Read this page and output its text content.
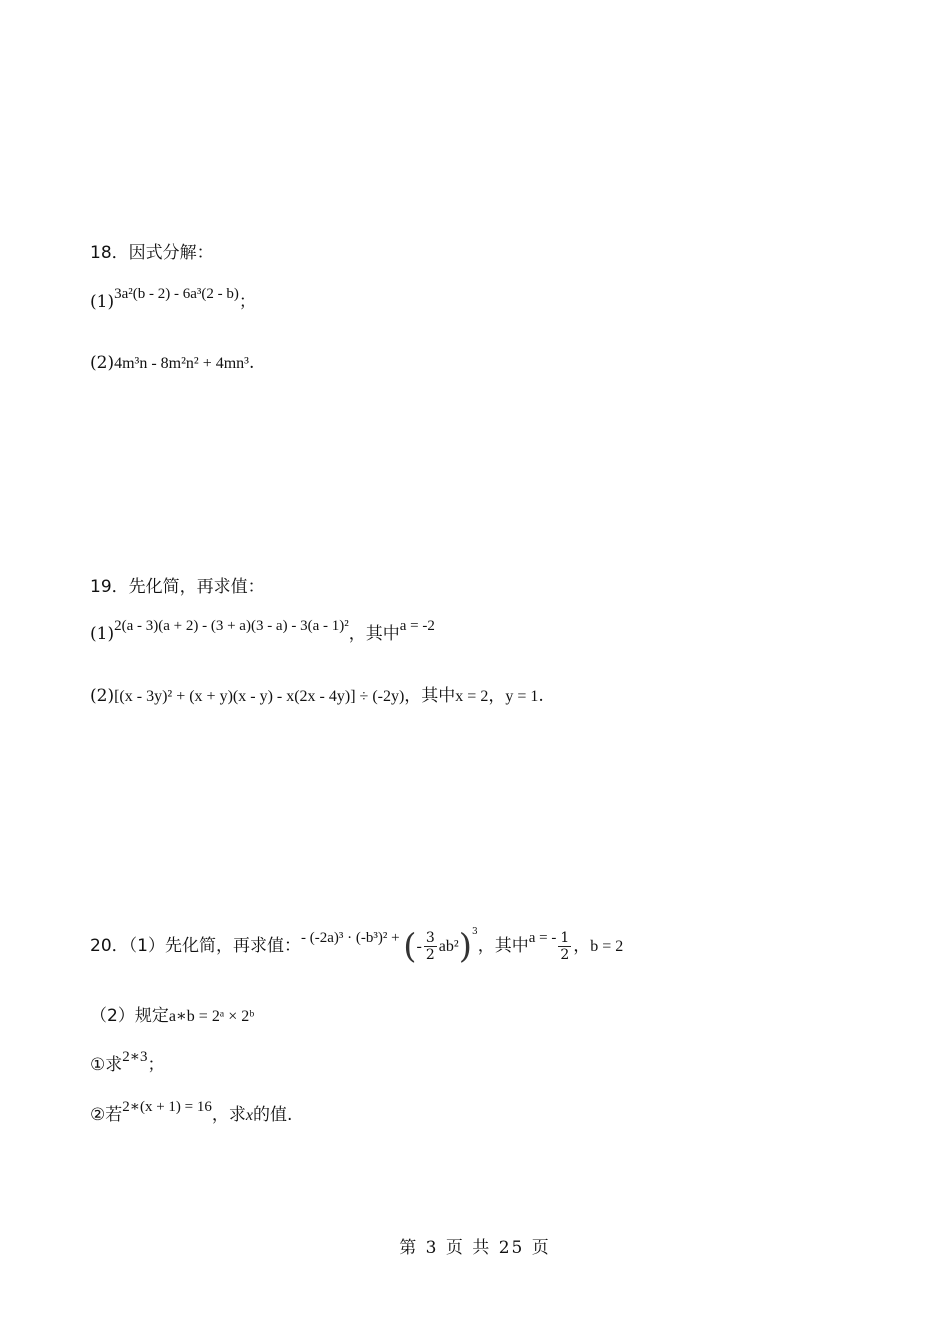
18．因式分解：
(1)3a²(b - 2) - 6a³(2 - b)；
(2)4m³n - 8m²n² + 4mn³.
19．先化简，再求值：
(1)2(a - 3)(a + 2) - (3 + a)(3 - a) - 3(a - 1)²，其中a = -2
(2)[(x - 3y)² + (x + y)(x - y) - x(2x - 4y)] ÷ (-2y)，其中x = 2，y = 1.
20．（1）先化简，再求值：- (-2a)³ · (-b³)² + (- $\frac{3}{2} ab^2)^3$，其中a = - $\frac{1}{2}$ ，b = 2
（2）规定a∗b = 2ᵃ × 2ᵇ
①求2∗3；
②若2∗(x + 1) = 16，求x的值.
第 3 页 共 25 页
